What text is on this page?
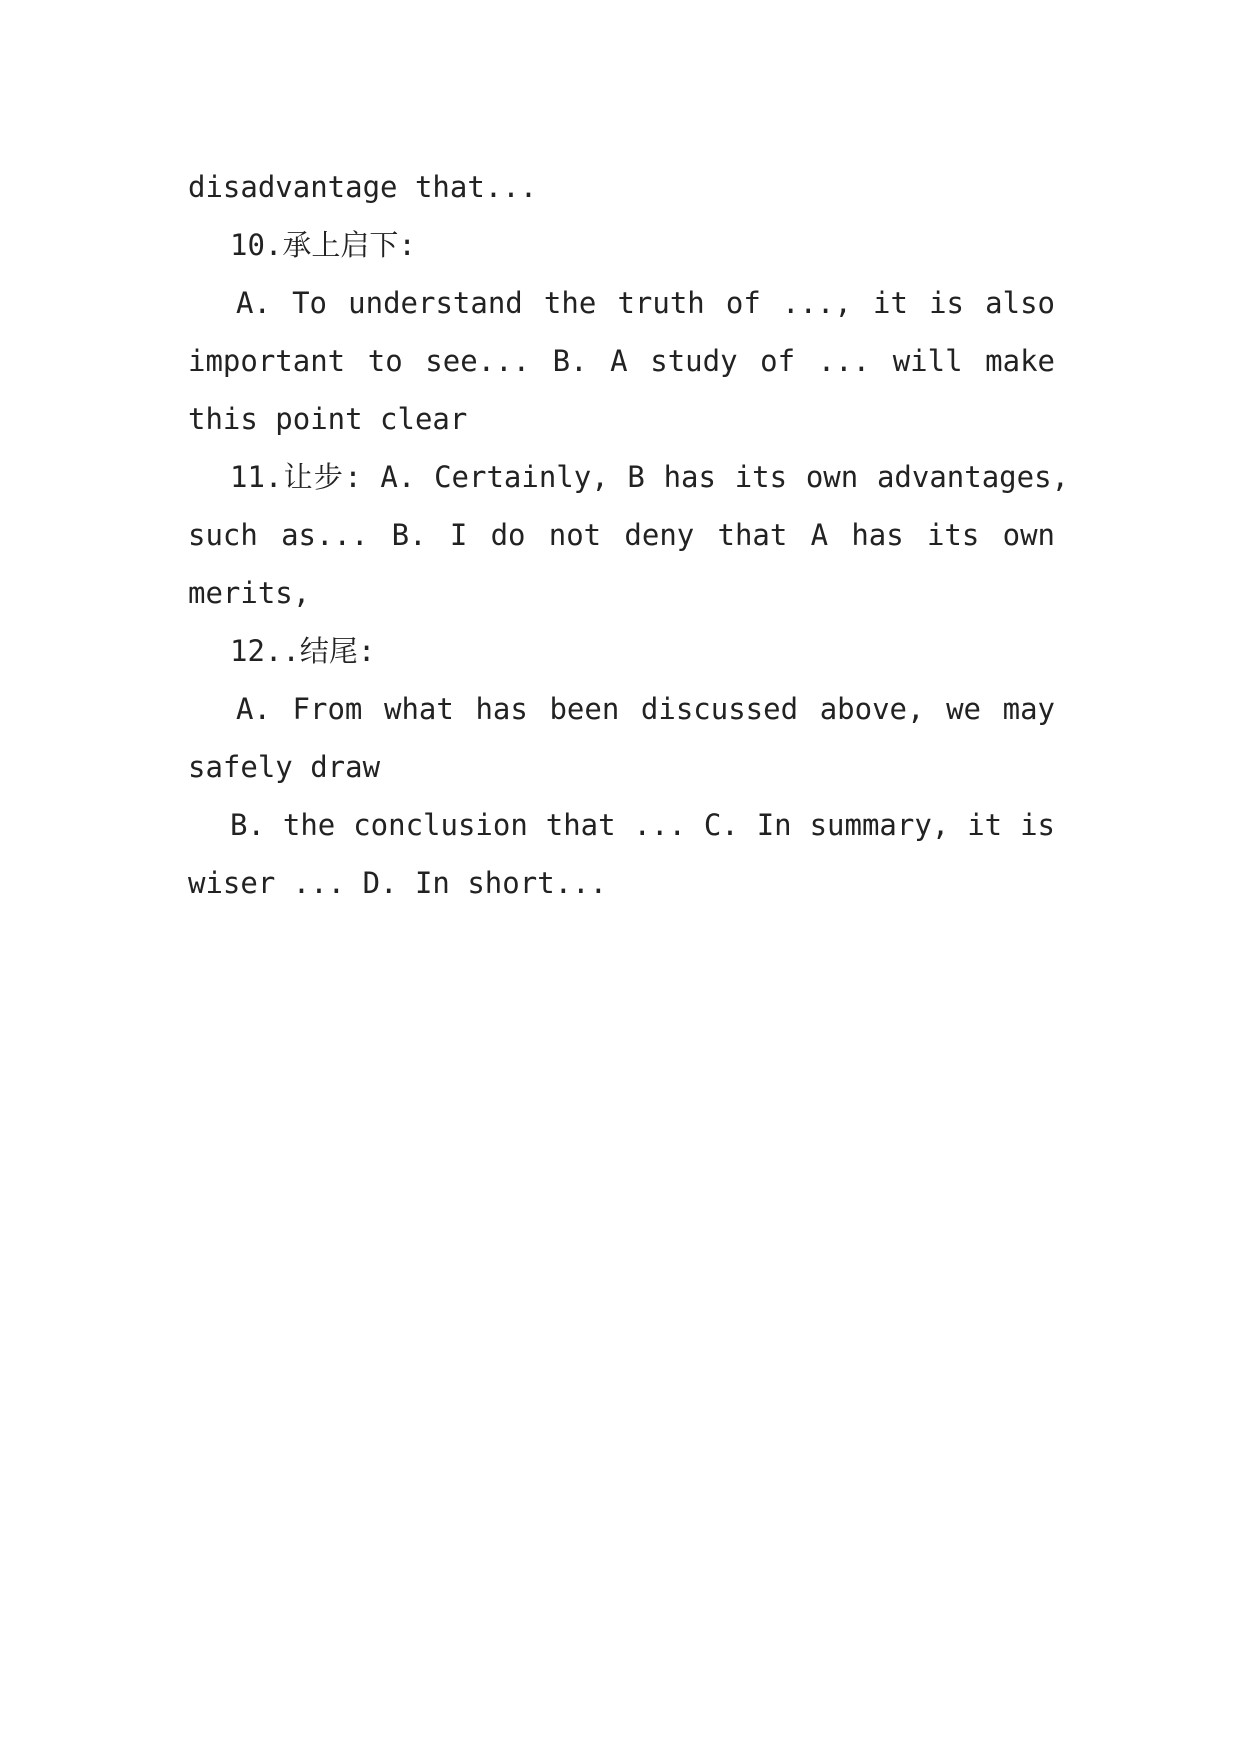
disadvantage that...
10.承上启下:
A. To understand the truth of ..., it is also
important to see... B. A study of ... will make
this point clear
11.让步: A. Certainly, B has its own advantages,
such as... B. I do not deny that A has its own
merits,
12..结尾:
A. From what has been discussed above, we may
safely draw
B. the conclusion that ... C. In summary, it is
wiser ... D. In short...
